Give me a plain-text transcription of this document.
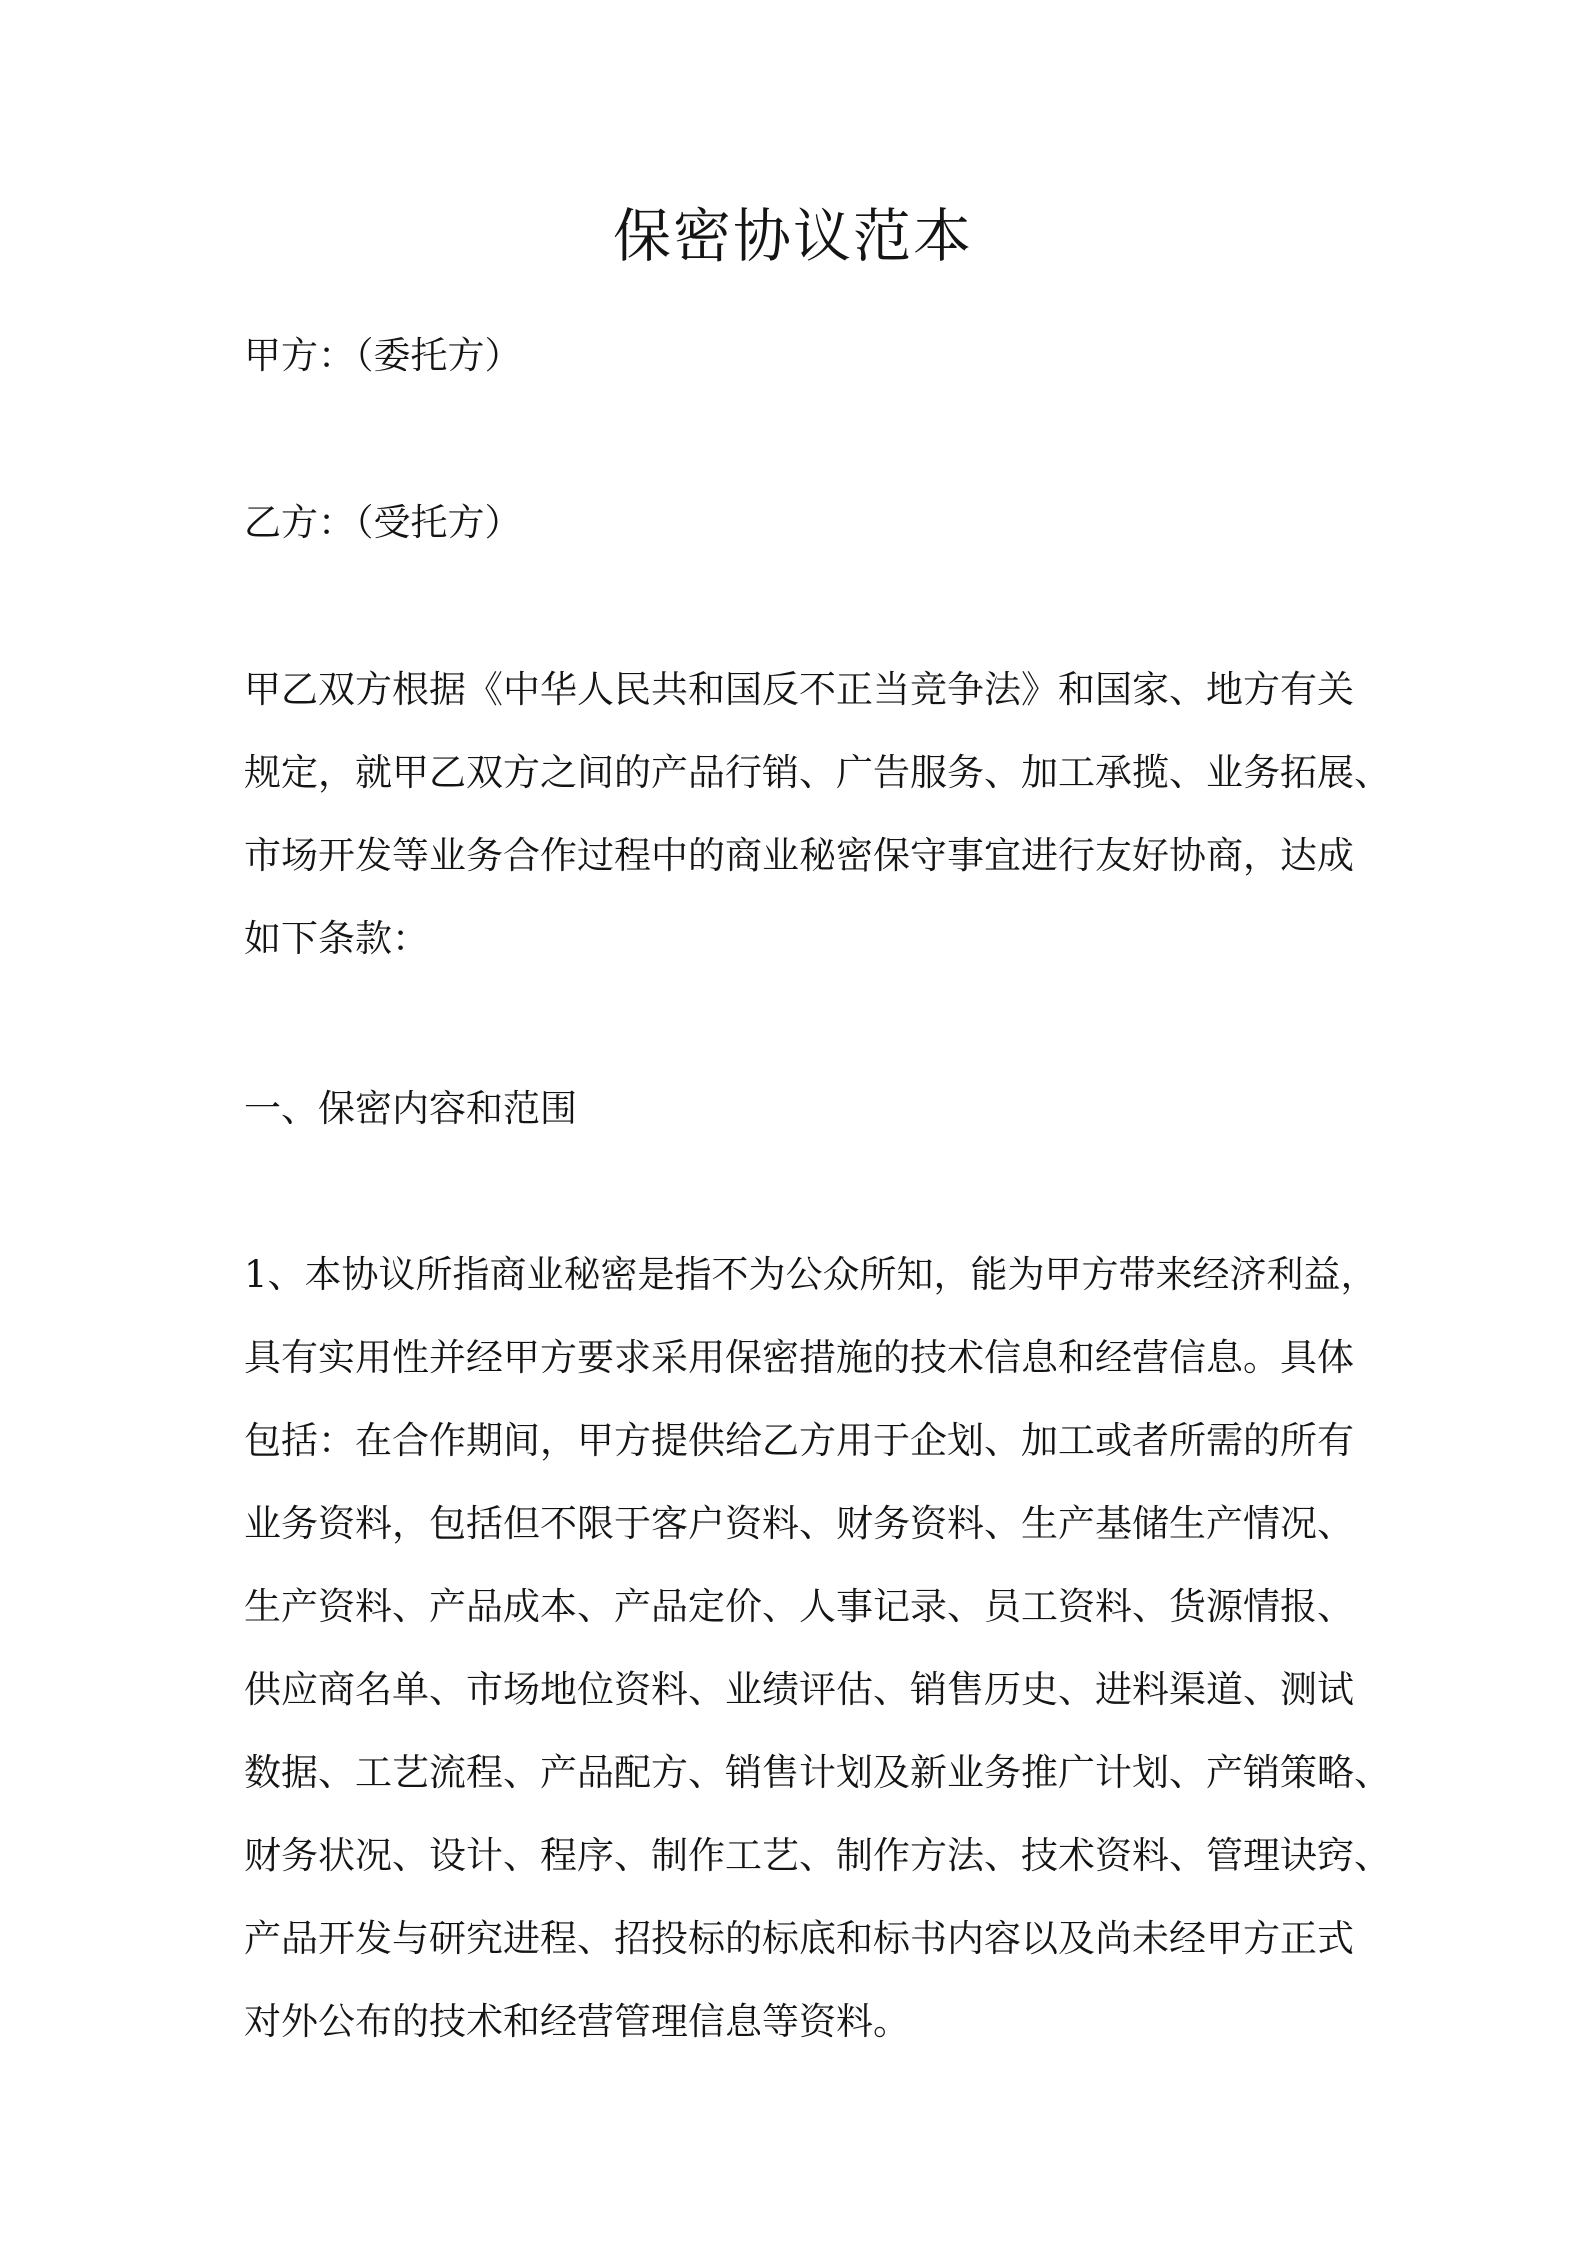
保密协议范本

甲方：（委托方）

乙方：（受托方）

甲乙双方根据《中华人民共和国反不正当竞争法》和国家、地方有关
规定，就甲乙双方之间的产品行销、广告服务、加工承揽、业务拓展、
市场开发等业务合作过程中的商业秘密保守事宜进行友好协商，达成
如下条款：

一、保密内容和范围

1、本协议所指商业秘密是指不为公众所知，能为甲方带来经济利益，
具有实用性并经甲方要求采用保密措施的技术信息和经营信息。具体
包括：在合作期间，甲方提供给乙方用于企划、加工或者所需的所有
业务资料，包括但不限于客户资料、财务资料、生产基储生产情况、
生产资料、产品成本、产品定价、人事记录、员工资料、货源情报、
供应商名单、市场地位资料、业绩评估、销售历史、进料渠道、测试
数据、工艺流程、产品配方、销售计划及新业务推广计划、产销策略、
财务状况、设计、程序、制作工艺、制作方法、技术资料、管理诀窍、
产品开发与研究进程、招投标的标底和标书内容以及尚未经甲方正式
对外公布的技术和经营管理信息等资料。
